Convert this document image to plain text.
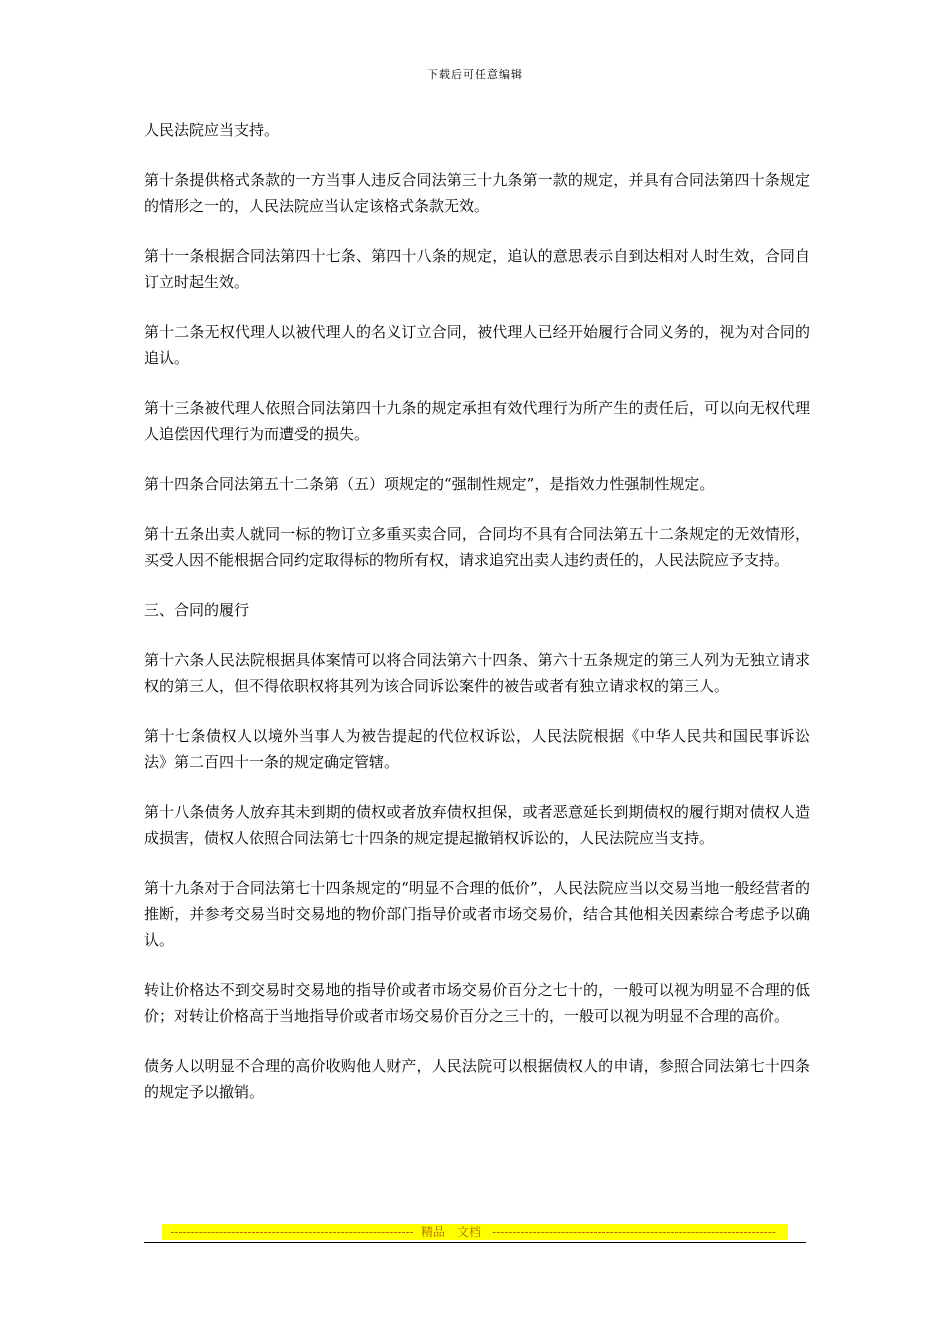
下载后可任意编辑

人民法院应当支持。

第十条提供格式条款的一方当事人违反合同法第三十九条第一款的规定，并具有合同法第四十条规定的情形之一的，人民法院应当认定该格式条款无效。

第十一条根据合同法第四十七条、第四十八条的规定，追认的意思表示自到达相对人时生效，合同自订立时起生效。

第十二条无权代理人以被代理人的名义订立合同，被代理人已经开始履行合同义务的，视为对合同的追认。

第十三条被代理人依照合同法第四十九条的规定承担有效代理行为所产生的责任后，可以向无权代理人追偿因代理行为而遭受的损失。

第十四条合同法第五十二条第（五）项规定的“强制性规定”，是指效力性强制性规定。

第十五条出卖人就同一标的物订立多重买卖合同，合同均不具有合同法第五十二条规定的无效情形，买受人因不能根据合同约定取得标的物所有权，请求追究出卖人违约责任的，人民法院应予支持。

三、合同的履行

第十六条人民法院根据具体案情可以将合同法第六十四条、第六十五条规定的第三人列为无独立请求权的第三人，但不得依职权将其列为该合同诉讼案件的被告或者有独立请求权的第三人。

第十七条债权人以境外当事人为被告提起的代位权诉讼，人民法院根据《中华人民共和国民事诉讼法》第二百四十一条的规定确定管辖。

第十八条债务人放弃其未到期的债权或者放弃债权担保，或者恶意延长到期债权的履行期对债权人造成损害，债权人依照合同法第七十四条的规定提起撤销权诉讼的，人民法院应当支持。

第十九条对于合同法第七十四条规定的“明显不合理的低价”，人民法院应当以交易当地一般经营者的推断，并参考交易当时交易地的物价部门指导价或者市场交易价，结合其他相关因素综合考虑予以确认。

转让价格达不到交易时交易地的指导价或者市场交易价百分之七十的，一般可以视为明显不合理的低价；对转让价格高于当地指导价或者市场交易价百分之三十的，一般可以视为明显不合理的高价。

债务人以明显不合理的高价收购他人财产，人民法院可以根据债权人的申请，参照合同法第七十四条的规定予以撤销。

------------------------------------------------------------ 精品　文档 ----------------------------------------------------------------------
